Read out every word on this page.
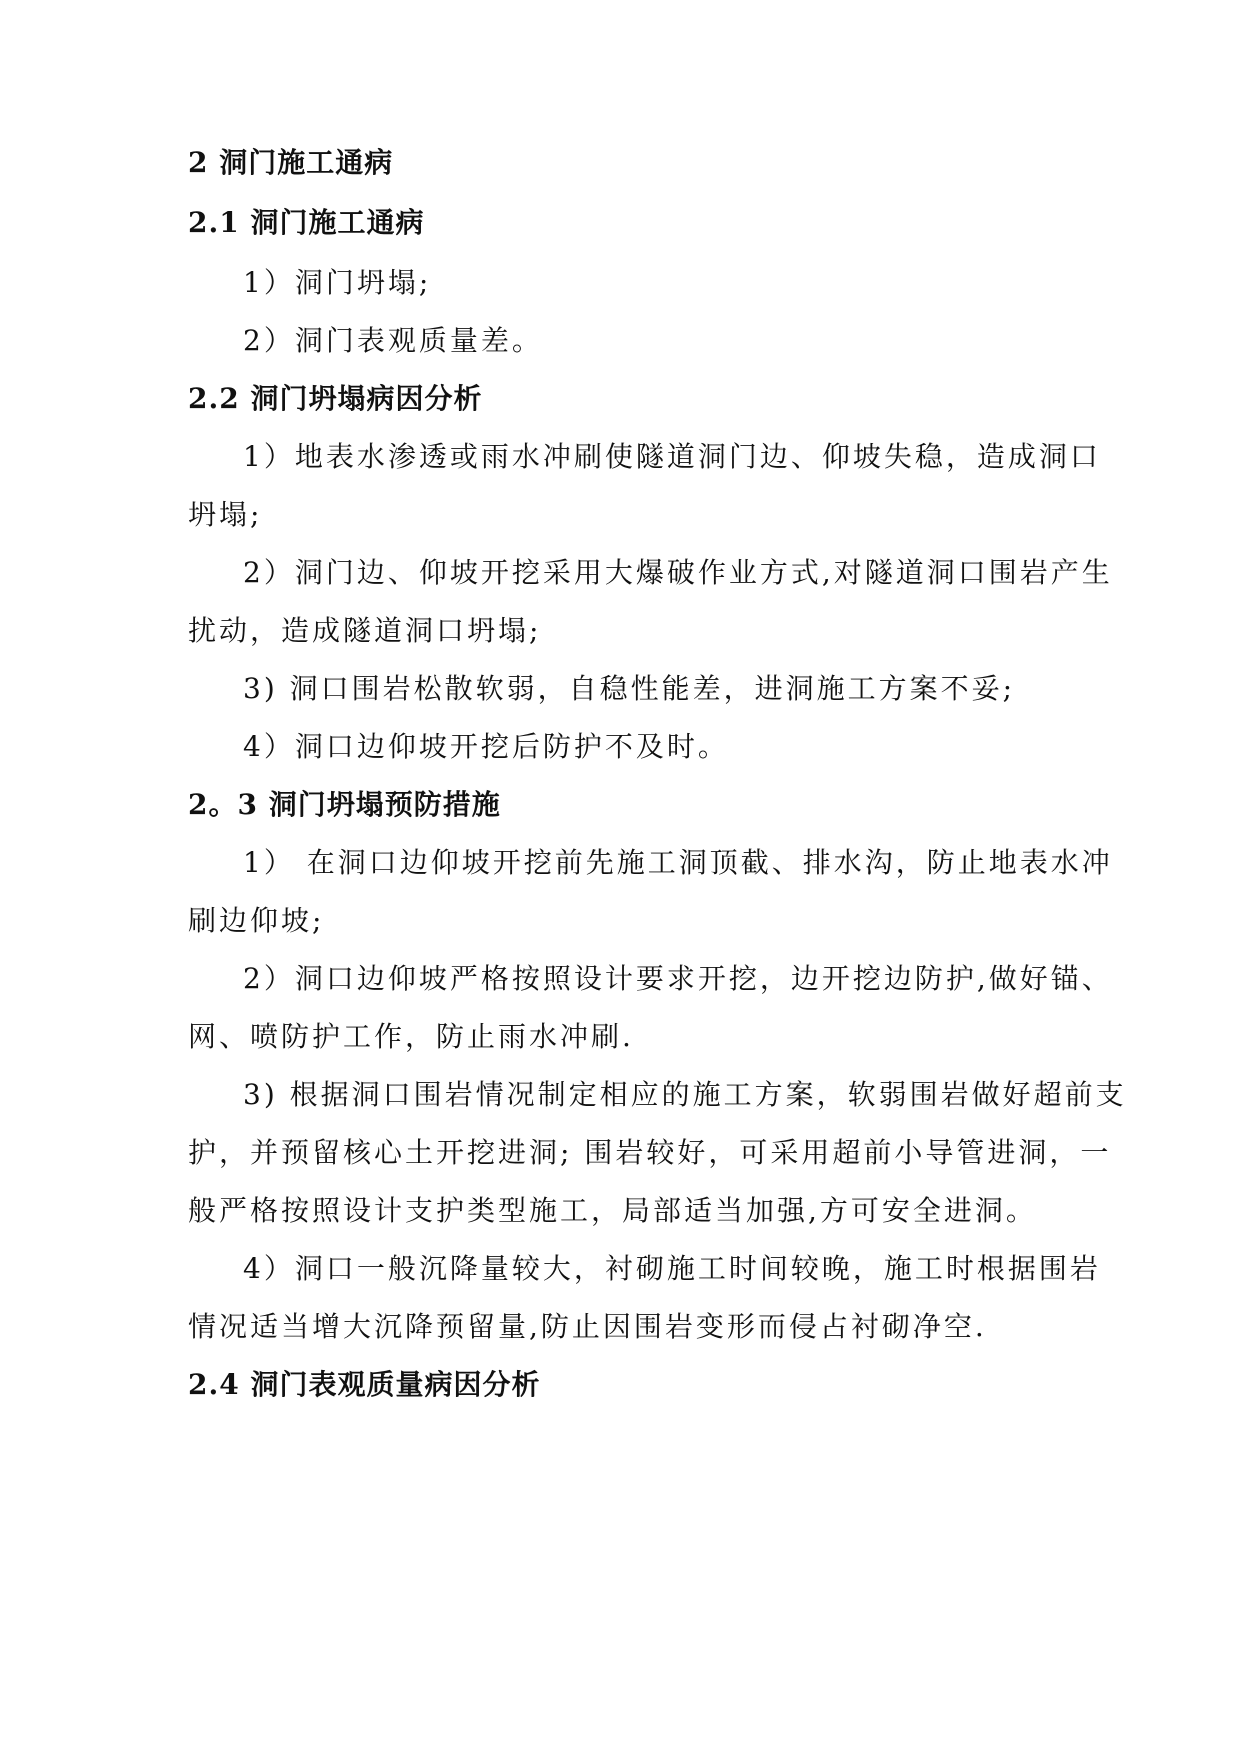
2 洞门施工通病
2.1 洞门施工通病
1）洞门坍塌;
2）洞门表观质量差。
2.2 洞门坍塌病因分析
1）地表水渗透或雨水冲刷使隧道洞门边、仰坡失稳，造成洞口
坍塌;
2）洞门边、仰坡开挖采用大爆破作业方式,对隧道洞口围岩产生
扰动，造成隧道洞口坍塌;
3) 洞口围岩松散软弱，自稳性能差，进洞施工方案不妥;
4）洞口边仰坡开挖后防护不及时。
2。3 洞门坍塌预防措施
1） 在洞口边仰坡开挖前先施工洞顶截、排水沟，防止地表水冲
刷边仰坡;
2）洞口边仰坡严格按照设计要求开挖，边开挖边防护,做好锚、
网、喷防护工作，防止雨水冲刷.
3) 根据洞口围岩情况制定相应的施工方案，软弱围岩做好超前支
护，并预留核心土开挖进洞; 围岩较好，可采用超前小导管进洞，一
般严格按照设计支护类型施工，局部适当加强,方可安全进洞。
4）洞口一般沉降量较大，衬砌施工时间较晚，施工时根据围岩
情况适当增大沉降预留量,防止因围岩变形而侵占衬砌净空.
2.4 洞门表观质量病因分析
